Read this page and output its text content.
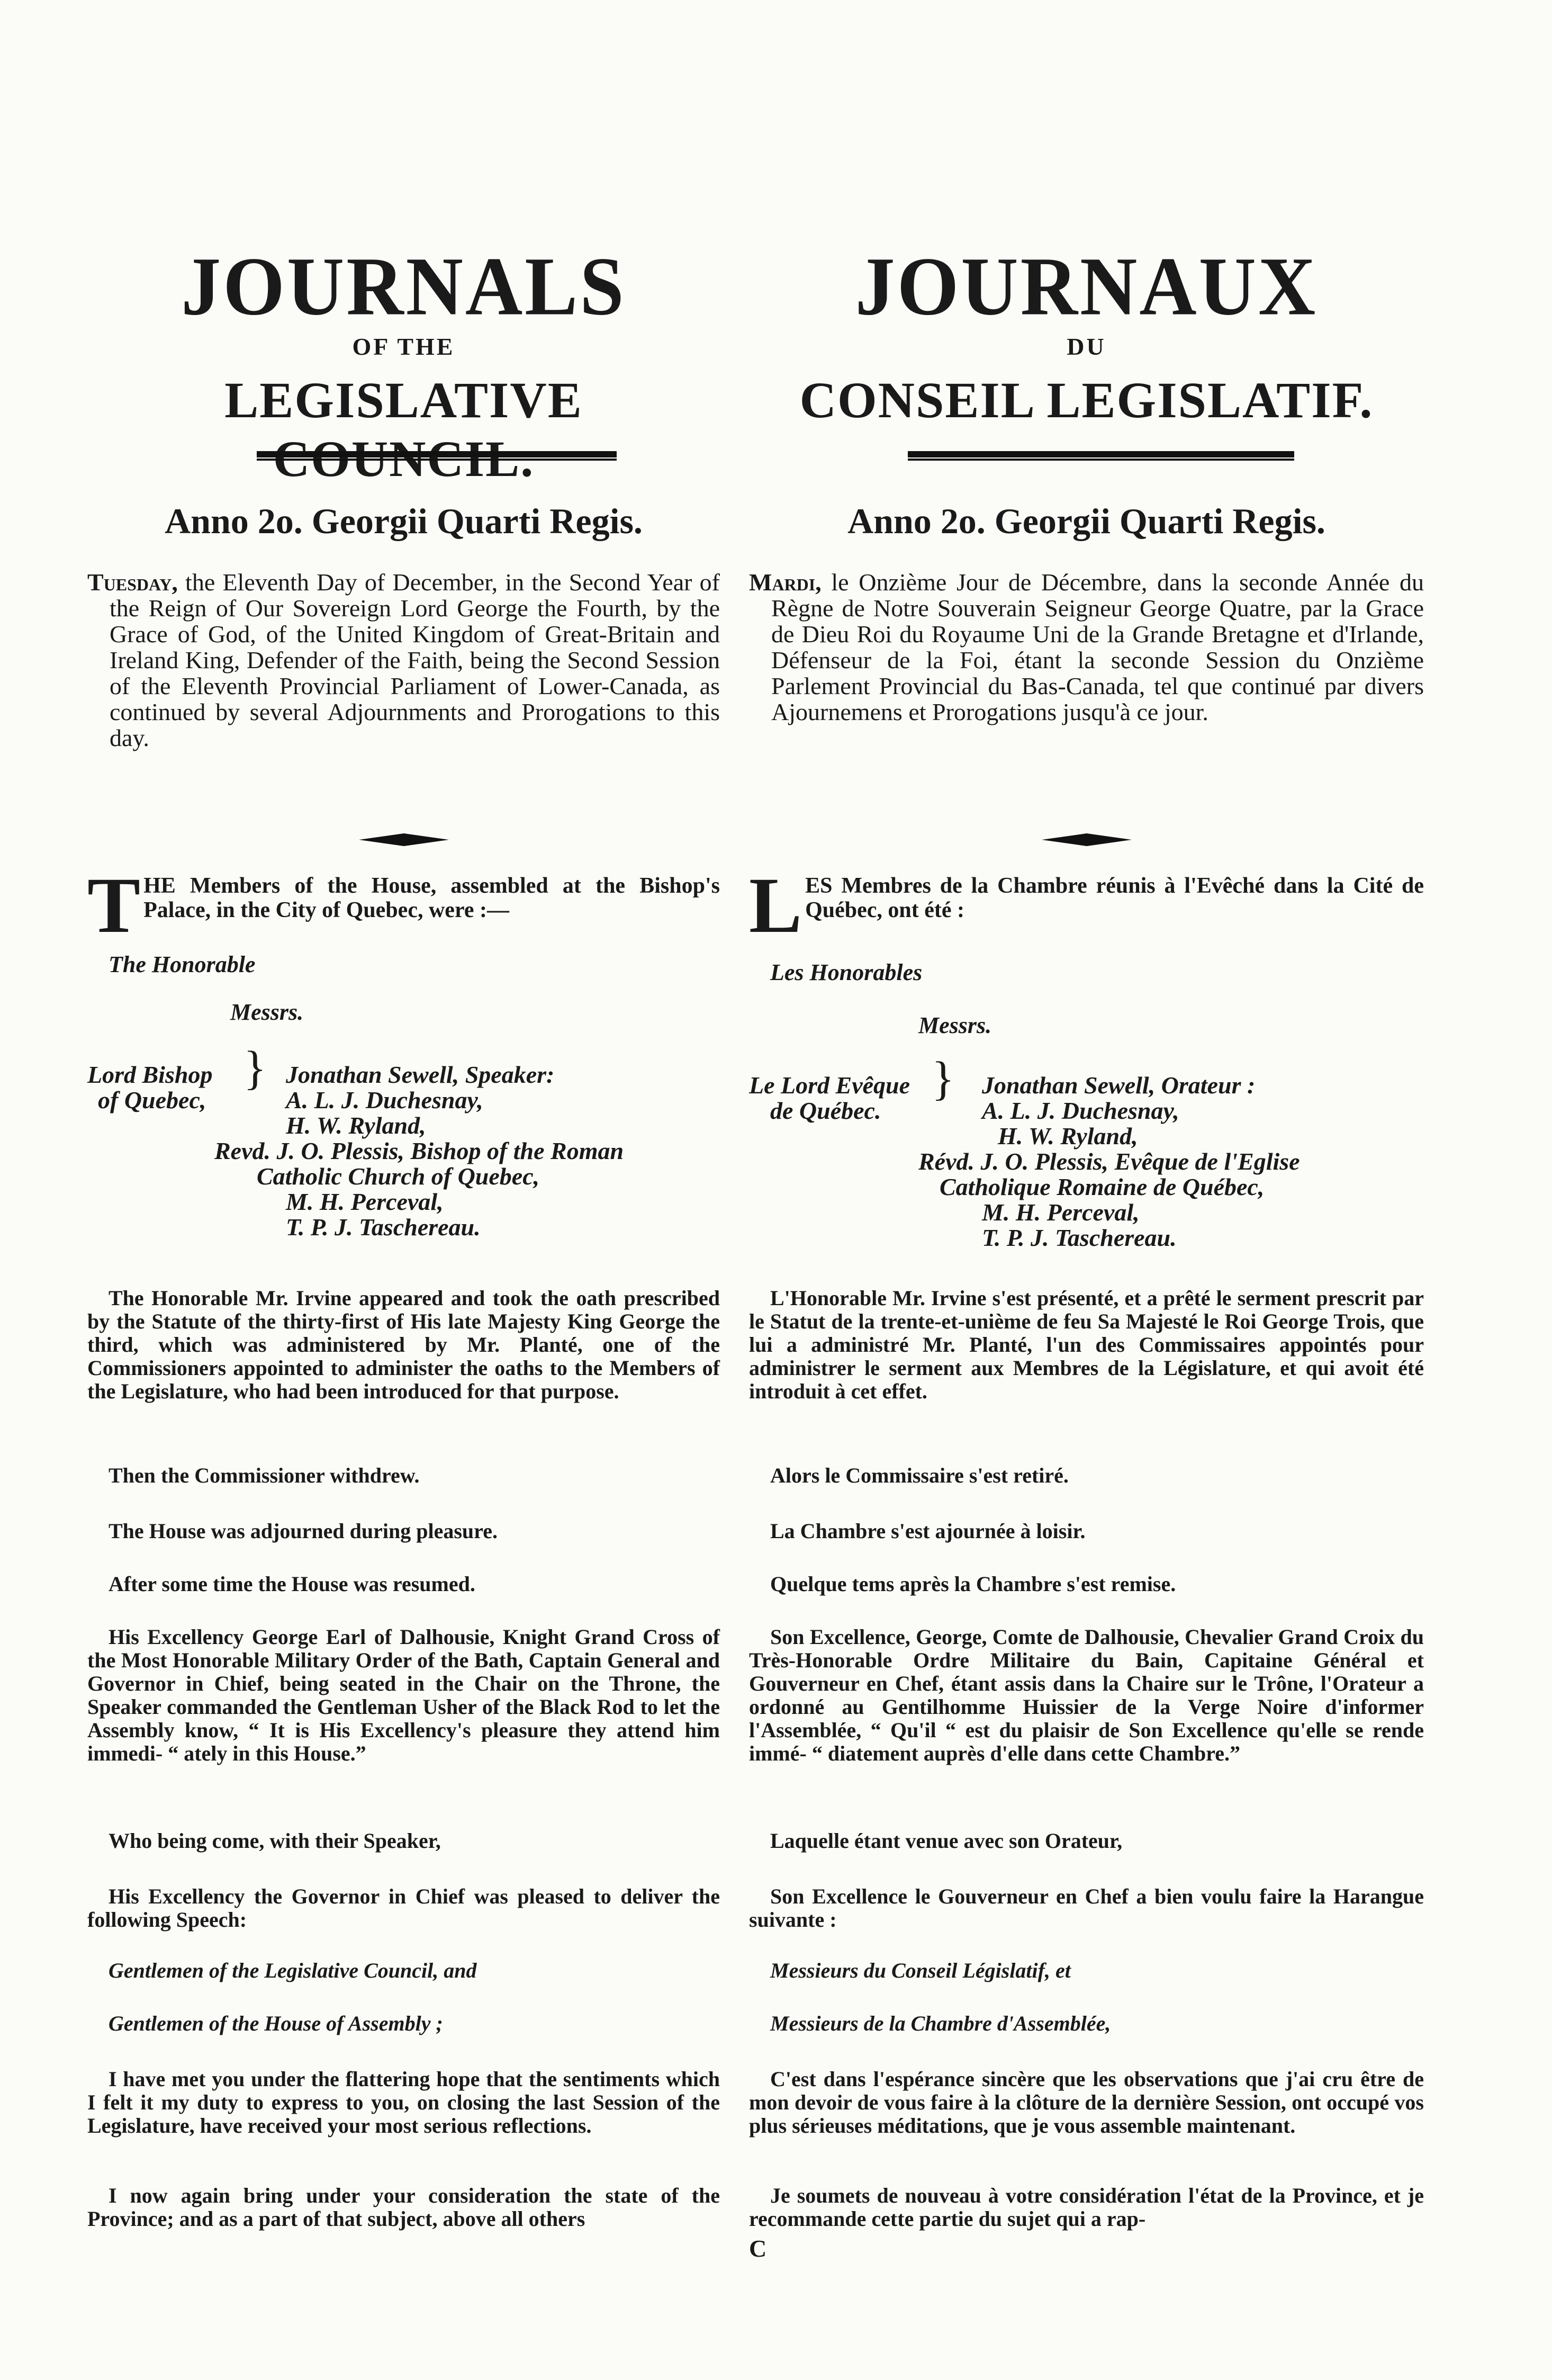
JOURNALS
OF THE
LEGISLATIVE COUNCIL.
Anno 2o. Georgii Quarti Regis.

Tuesday, the Eleventh Day of December, in the Second Year of the Reign of Our Sovereign Lord George the Fourth, by the Grace of God, of the United Kingdom of Great-Britain and Ireland King, Defender of the Faith, being the Second Session of the Eleventh Provincial Parliament of Lower-Canada, as continued by several Adjournments and Prorogations to this day.

T HE Members of the House, assembled at the Bishop's Palace, in the City of Quebec, were :—

The Honorable
Messrs.
Lord Bishop
of Quebec,
} Jonathan Sewell, Speaker:
A. L. J. Duchesnay,
H. W. Ryland,
Revd. J. O. Plessis, Bishop of the Roman
Catholic Church of Quebec,
M. H. Perceval,
T. P. J. Taschereau.
The Honorable Mr. Irvine appeared and took the oath prescribed by the Statute of the thirty-first of His late Majesty King George the third, which was administered by Mr. Planté, one of the Commissioners appointed to administer the oaths to the Members of the Legislature, who had been introduced for that purpose.
Then the Commissioner withdrew.
The House was adjourned during pleasure.
After some time the House was resumed.
His Excellency George Earl of Dalhousie, Knight Grand Cross of the Most Honorable Military Order of the Bath, Captain General and Governor in Chief, being seated in the Chair on the Throne, the Speaker commanded the Gentleman Usher of the Black Rod to let the Assembly know, “ It is His Excellency's pleasure they attend him immedi- “ ately in this House.”
Who being come, with their Speaker,
His Excellency the Governor in Chief was pleased to deliver the following Speech:
Gentlemen of the Legislative Council, and
Gentlemen of the House of Assembly ;
I have met you under the flattering hope that the sentiments which I felt it my duty to express to you, on closing the last Session of the Legislature, have received your most serious reflections.
I now again bring under your consideration the state of the Province; and as a part of that subject, above all others
JOURNAUX
DU
CONSEIL LEGISLATIF.
Anno 2o. Georgii Quarti Regis.

Mardi, le Onzième Jour de Décembre, dans la seconde Année du Règne de Notre Souverain Seigneur George Quatre, par la Grace de Dieu Roi du Royaume Uni de la Grande Bretagne et d'Irlande, Défenseur de la Foi, étant la seconde Session du Onzième Parlement Provincial du Bas-Canada, tel que continué par divers Ajournemens et Prorogations jusqu'à ce jour.

L ES Membres de la Chambre réunis à l'Evêché dans la Cité de Québec, ont été :

Les Honorables
Messrs.
Le Lord Evêque
de Québec.
} Jonathan Sewell, Orateur :
A. L. J. Duchesnay,
H. W. Ryland,
Révd. J. O. Plessis, Evêque de l'Eglise
Catholique Romaine de Québec,
M. H. Perceval,
T. P. J. Taschereau.
L'Honorable Mr. Irvine s'est présenté, et a prêté le serment prescrit par le Statut de la trente-et-unième de feu Sa Majesté le Roi George Trois, que lui a administré Mr. Planté, l'un des Commissaires appointés pour administrer le serment aux Membres de la Législature, et qui avoit été introduit à cet effet.
Alors le Commissaire s'est retiré.
La Chambre s'est ajournée à loisir.
Quelque tems après la Chambre s'est remise.
Son Excellence, George, Comte de Dalhousie, Chevalier Grand Croix du Très-Honorable Ordre Militaire du Bain, Capitaine Général et Gouverneur en Chef, étant assis dans la Chaire sur le Trône, l'Orateur a ordonné au Gentilhomme Huissier de la Verge Noire d'informer l'Assemblée, “ Qu'il “ est du plaisir de Son Excellence qu'elle se rende immé- “ diatement auprès d'elle dans cette Chambre.”
Laquelle étant venue avec son Orateur,
Son Excellence le Gouverneur en Chef a bien voulu faire la Harangue suivante :
Messieurs du Conseil Législatif, et
Messieurs de la Chambre d'Assemblée,
C'est dans l'espérance sincère que les observations que j'ai cru être de mon devoir de vous faire à la clôture de la dernière Session, ont occupé vos plus sérieuses méditations, que je vous assemble maintenant.
Je soumets de nouveau à votre considération l'état de la Province, et je recommande cette partie du sujet qui a rap-
C
